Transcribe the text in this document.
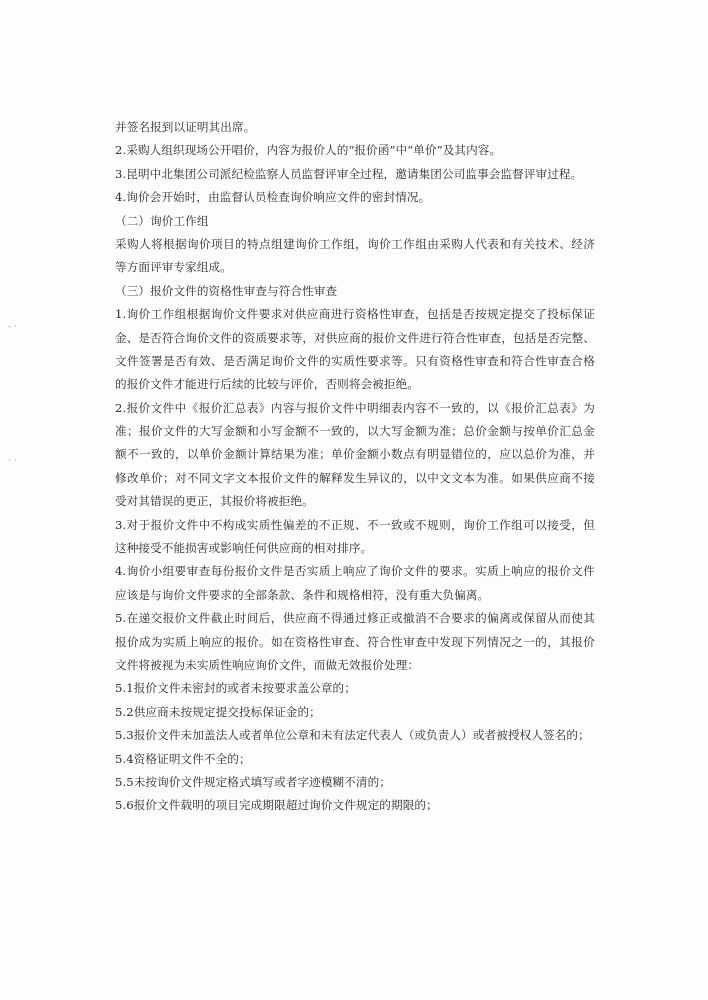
‐ ·
· ·
并签名报到以证明其出席。
2.采购人组织现场公开唱价，内容为报价人的“报价函”中“单价”及其内容。
3.昆明中北集团公司派纪检监察人员监督评审全过程，邀请集团公司监事会监督评审过程。
4.询价会开始时，由监督认员检查询价响应文件的密封情况。
（二）询价工作组
采购人将根据询价项目的特点组建询价工作组，询价工作组由采购人代表和有关技术、经济
等方面评审专家组成。
（三）报价文件的资格性审查与符合性审查
1.询价工作组根据询价文件要求对供应商进行资格性审查，包括是否按规定提交了投标保证
金、是否符合询价文件的资质要求等，对供应商的报价文件进行符合性审查，包括是否完整、
文件签署是否有效、是否满足询价文件的实质性要求等。只有资格性审查和符合性审查合格
的报价文件才能进行后续的比较与评价，否则将会被拒绝。
2.报价文件中《报价汇总表》内容与报价文件中明细表内容不一致的，以《报价汇总表》为
准；报价文件的大写金额和小写金额不一致的，以大写金额为准；总价金额与按单价汇总金
额不一致的，以单价金额计算结果为准；单价金额小数点有明显错位的，应以总价为准，并
修改单价；对不同文字文本报价文件的解释发生异议的，以中文文本为准。如果供应商不接
受对其错误的更正，其报价将被拒绝。
3.对于报价文件中不构成实质性偏差的不正规、不一致或不规则，询价工作组可以接受，但
这种接受不能损害或影响任何供应商的相对排序。
4.询价小组要审查每份报价文件是否实质上响应了询价文件的要求。实质上响应的报价文件
应该是与询价文件要求的全部条款、条件和规格相符，没有重大负偏离。
5.在递交报价文件截止时间后，供应商不得通过修正或撤消不合要求的偏离或保留从而使其
报价成为实质上响应的报价。如在资格性审查、符合性审查中发现下列情况之一的，其报价
文件将被视为未实质性响应询价文件，而做无效报价处理：
5.1报价文件未密封的或者未按要求盖公章的；
5.2供应商未按规定提交投标保证金的；
5.3报价文件未加盖法人或者单位公章和未有法定代表人（或负责人）或者被授权人签名的；
5.4资格证明文件不全的；
5.5未按询价文件规定格式填写或者字迹模糊不清的；
5.6报价文件载明的项目完成期限超过询价文件规定的期限的；
